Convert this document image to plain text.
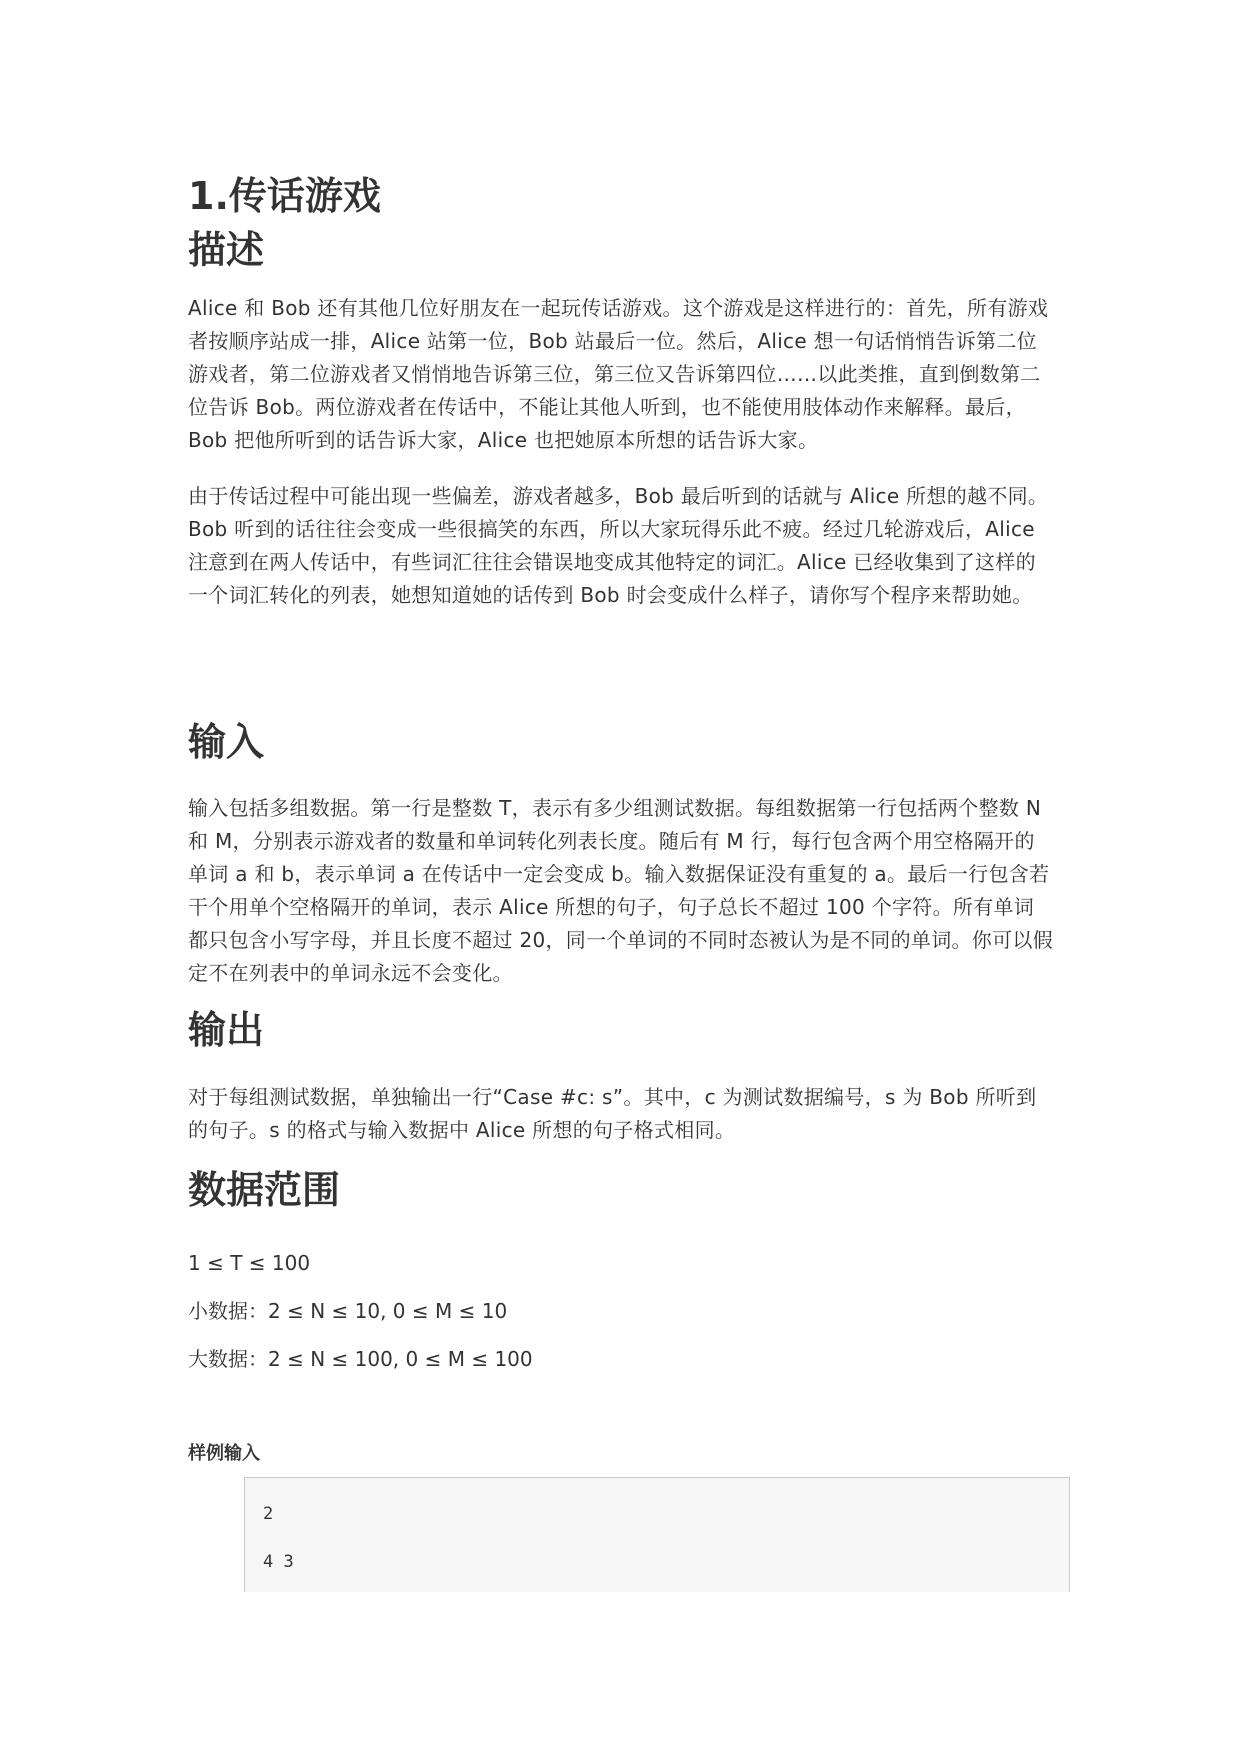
1.传话游戏
描述

Alice 和 Bob 还有其他几位好朋友在一起玩传话游戏。这个游戏是这样进行的：首先，所有游戏者按顺序站成一排，Alice 站第一位，Bob 站最后一位。然后，Alice 想一句话悄悄告诉第二位游戏者，第二位游戏者又悄悄地告诉第三位，第三位又告诉第四位……以此类推，直到倒数第二位告诉 Bob。两位游戏者在传话中，不能让其他人听到，也不能使用肢体动作来解释。最后，Bob 把他所听到的话告诉大家，Alice 也把她原本所想的话告诉大家。

由于传话过程中可能出现一些偏差，游戏者越多，Bob 最后听到的话就与 Alice 所想的越不同。Bob 听到的话往往会变成一些很搞笑的东西，所以大家玩得乐此不疲。经过几轮游戏后，Alice 注意到在两人传话中，有些词汇往往会错误地变成其他特定的词汇。Alice 已经收集到了这样的一个词汇转化的列表，她想知道她的话传到 Bob 时会变成什么样子，请你写个程序来帮助她。

输入

输入包括多组数据。第一行是整数 T，表示有多少组测试数据。每组数据第一行包括两个整数 N 和 M，分别表示游戏者的数量和单词转化列表长度。随后有 M 行，每行包含两个用空格隔开的单词 a 和 b，表示单词 a 在传话中一定会变成 b。输入数据保证没有重复的 a。最后一行包含若干个用单个空格隔开的单词，表示 Alice 所想的句子，句子总长不超过 100 个字符。所有单词都只包含小写字母，并且长度不超过 20，同一个单词的不同时态被认为是不同的单词。你可以假定不在列表中的单词永远不会变化。

输出

对于每组测试数据，单独输出一行“Case #c: s”。其中，c 为测试数据编号，s 为 Bob 所听到的句子。s 的格式与输入数据中 Alice 所想的句子格式相同。

数据范围

1 ≤ T ≤ 100

小数据：2 ≤ N ≤ 10, 0 ≤ M ≤ 10

大数据：2 ≤ N ≤ 100, 0 ≤ M ≤ 100

样例输入

2
4 3
